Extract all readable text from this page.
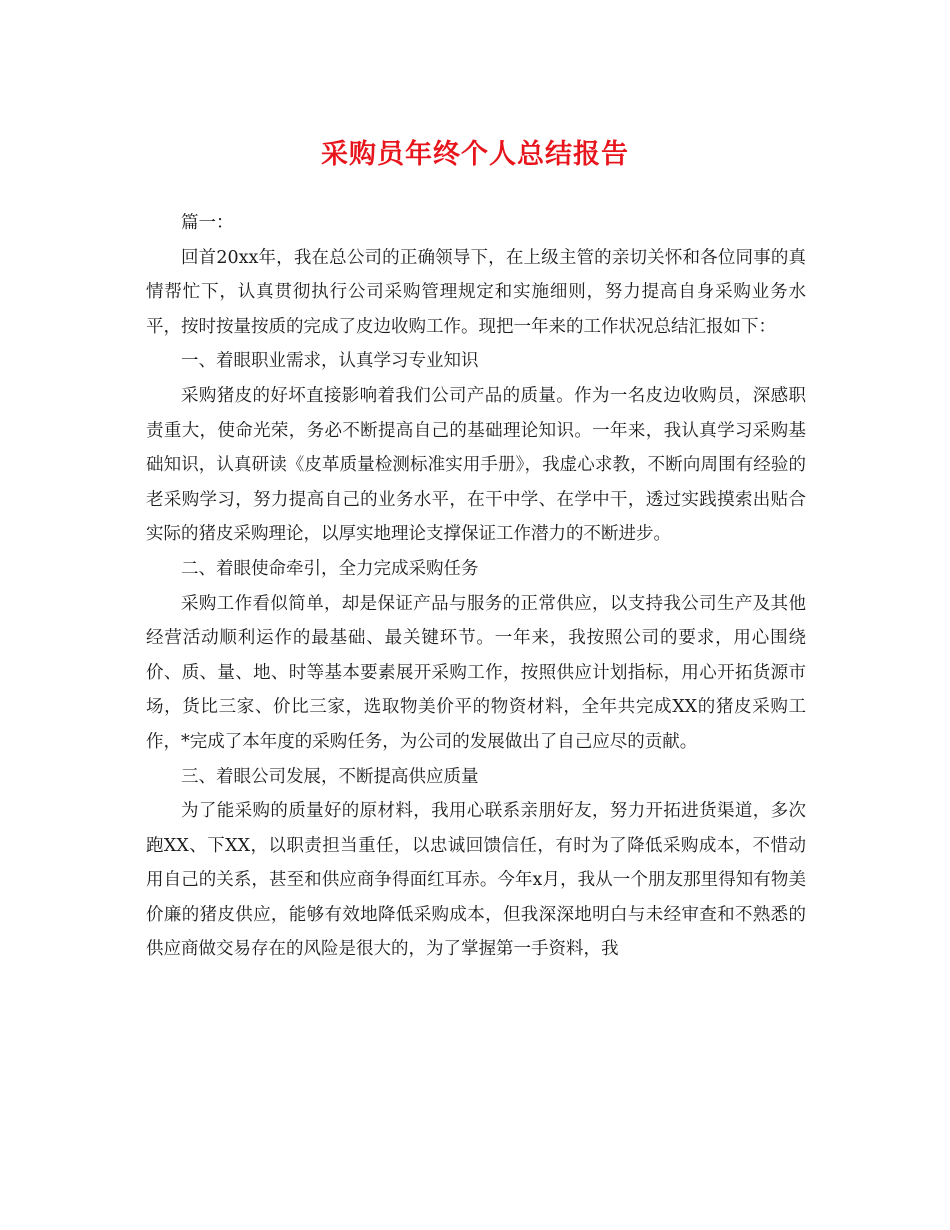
采购员年终个人总结报告

篇一：

回首20xx年，我在总公司的正确领导下，在上级主管的亲切关怀和各位同事的真情帮忙下，认真贯彻执行公司采购管理规定和实施细则，努力提高自身采购业务水平，按时按量按质的完成了皮边收购工作。现把一年来的工作状况总结汇报如下：

一、着眼职业需求，认真学习专业知识

采购猪皮的好坏直接影响着我们公司产品的质量。作为一名皮边收购员，深感职责重大，使命光荣，务必不断提高自己的基础理论知识。一年来，我认真学习采购基础知识，认真研读《皮革质量检测标准实用手册》，我虚心求教，不断向周围有经验的老采购学习，努力提高自己的业务水平，在干中学、在学中干，透过实践摸索出贴合实际的猪皮采购理论，以厚实地理论支撑保证工作潜力的不断进步。

二、着眼使命牵引，全力完成采购任务

采购工作看似简单，却是保证产品与服务的正常供应，以支持我公司生产及其他经营活动顺利运作的最基础、最关键环节。一年来，我按照公司的要求，用心围绕价、质、量、地、时等基本要素展开采购工作，按照供应计划指标，用心开拓货源市场，货比三家、价比三家，选取物美价平的物资材料，全年共完成XX的猪皮采购工作，*完成了本年度的采购任务，为公司的发展做出了自己应尽的贡献。

三、着眼公司发展，不断提高供应质量

为了能采购的质量好的原材料，我用心联系亲朋好友，努力开拓进货渠道，多次跑XX、下XX，以职责担当重任，以忠诚回馈信任，有时为了降低采购成本，不惜动用自己的关系，甚至和供应商争得面红耳赤。今年x月，我从一个朋友那里得知有物美价廉的猪皮供应，能够有效地降低采购成本，但我深深地明白与未经审查和不熟悉的供应商做交易存在的风险是很大的，为了掌握第一手资料，我
